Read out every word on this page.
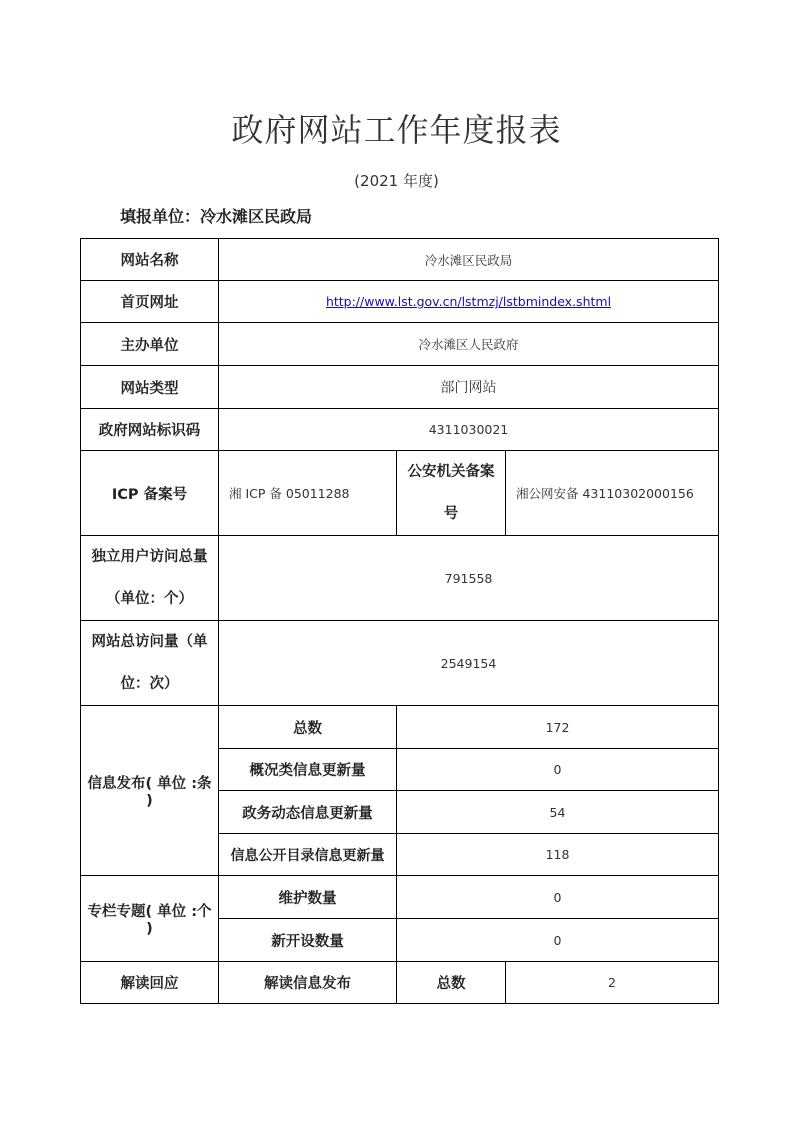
政府网站工作年度报表
(2021 年度)
填报单位：冷水滩区民政局
网站名称	冷水滩区民政局		
首页网址	http://www.lst.gov.cn/lstmzj/lstbmindex.shtml		
主办单位	冷水滩区人民政府		
网站类型	部门网站		
政府网站标识码	4311030021		
ICP 备案号	湘 ICP 备 05011288	公安机关备案号	湘公网安备 43110302000156
独立用户访问总量（单位：个）	791558		
网站总访问量（单位：次）	2549154		
信息发布( 单位 :条 )	总数	172	
	概况类信息更新量	0	
	政务动态信息更新量	54	
	信息公开目录信息更新量	118	
专栏专题( 单位 :个 )	维护数量	0	
	新开设数量	0	
解读回应	解读信息发布	总数	2
